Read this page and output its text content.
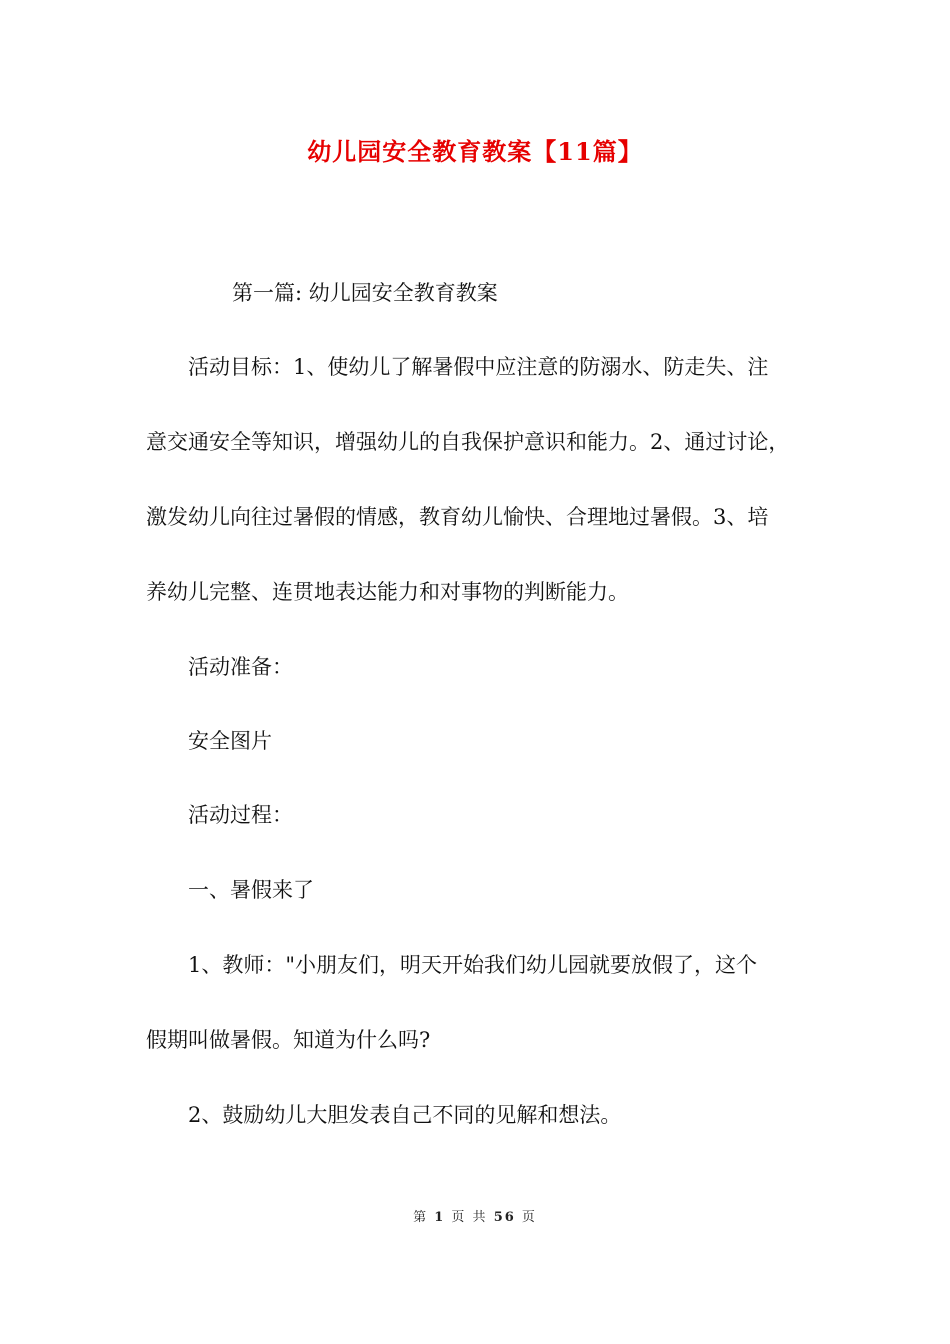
幼儿园安全教育教案【11篇】

第一篇: 幼儿园安全教育教案

活动目标：1、使幼儿了解暑假中应注意的防溺水、防走失、注

意交通安全等知识，增强幼儿的自我保护意识和能力。2、通过讨论，

激发幼儿向往过暑假的情感，教育幼儿愉快、合理地过暑假。3、培

养幼儿完整、连贯地表达能力和对事物的判断能力。

活动准备：

安全图片

活动过程：

一、暑假来了

1、教师："小朋友们，明天开始我们幼儿园就要放假了，这个

假期叫做暑假。知道为什么吗?

2、鼓励幼儿大胆发表自己不同的见解和想法。

第 1 页 共 56 页
